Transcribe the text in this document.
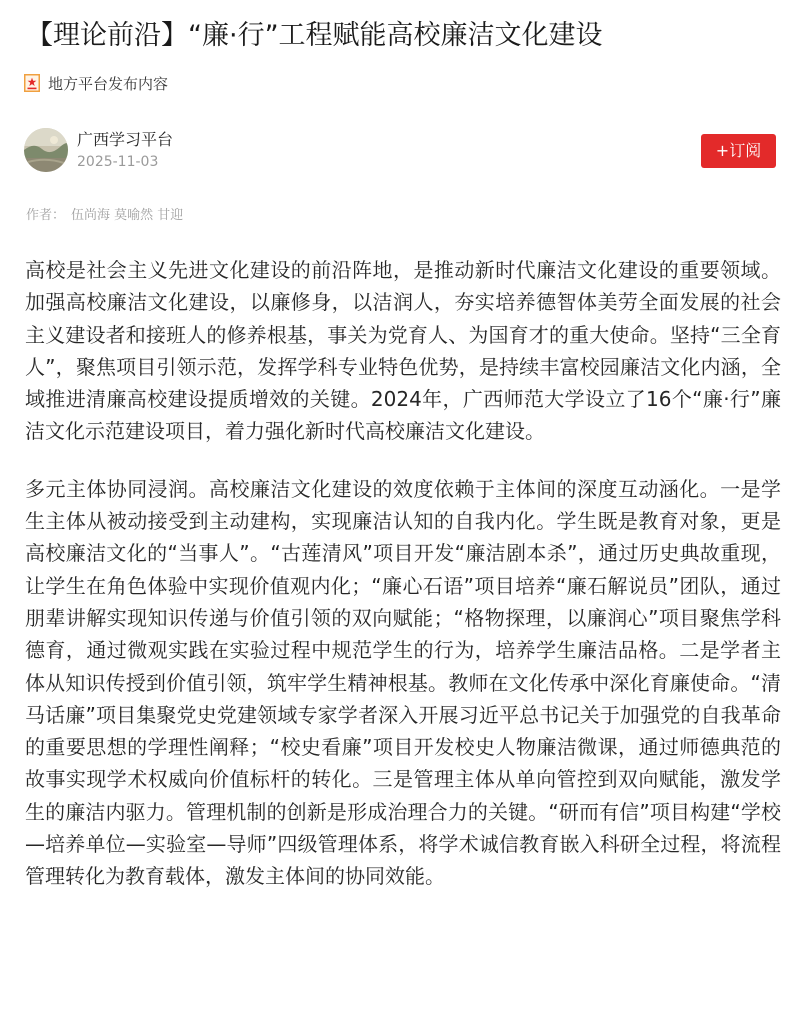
【理论前沿】“廉·行”工程赋能高校廉洁文化建设
地方平台发布内容
广西学习平台
2025-11-03
+订阅
作者： 伍尚海 莫喻然 甘迎

高校是社会主义先进文化建设的前沿阵地，是推动新时代廉洁文化建设的重要领域。加强高校廉洁文化建设，以廉修身，以洁润人，夯实培养德智体美劳全面发展的社会主义建设者和接班人的修养根基，事关为党育人、为国育才的重大使命。坚持“三全育人”，聚焦项目引领示范，发挥学科专业特色优势，是持续丰富校园廉洁文化内涵，全域推进清廉高校建设提质增效的关键。2024年，广西师范大学设立了16个“廉·行”廉洁文化示范建设项目，着力强化新时代高校廉洁文化建设。

多元主体协同浸润。高校廉洁文化建设的效度依赖于主体间的深度互动涵化。一是学生主体从被动接受到主动建构，实现廉洁认知的自我内化。学生既是教育对象，更是高校廉洁文化的“当事人”。“古莲清风”项目开发“廉洁剧本杀”，通过历史典故重现，让学生在角色体验中实现价值观内化；“廉心石语”项目培养“廉石解说员”团队，通过朋辈讲解实现知识传递与价值引领的双向赋能；“格物探理，以廉润心”项目聚焦学科德育，通过微观实践在实验过程中规范学生的行为，培养学生廉洁品格。二是学者主体从知识传授到价值引领，筑牢学生精神根基。教师在文化传承中深化育廉使命。“清马话廉”项目集聚党史党建领域专家学者深入开展习近平总书记关于加强党的自我革命的重要思想的学理性阐释；“校史看廉”项目开发校史人物廉洁微课，通过师德典范的故事实现学术权威向价值标杆的转化。三是管理主体从单向管控到双向赋能，激发学生的廉洁内驱力。管理机制的创新是形成治理合力的关键。“研而有信”项目构建“学校—培养单位—实验室—导师”四级管理体系，将学术诚信教育嵌入科研全过程，将流程管理转化为教育载体，激发主体间的协同效能。
